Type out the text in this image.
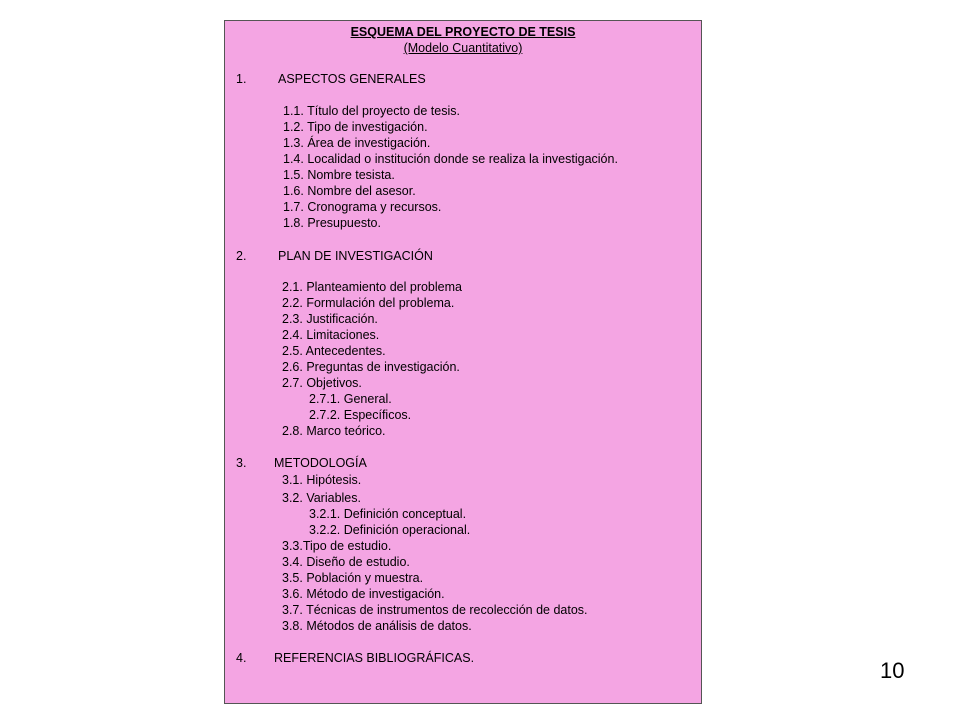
ESQUEMA DEL PROYECTO DE TESIS
(Modelo Cuantitativo)
1.	ASPECTOS GENERALES
1.1. Título del proyecto de tesis.
1.2. Tipo de investigación.
1.3. Área de investigación.
1.4. Localidad o institución donde se realiza la investigación.
1.5. Nombre tesista.
1.6. Nombre del asesor.
1.7. Cronograma y recursos.
1.8. Presupuesto.
2.	PLAN DE INVESTIGACIÓN
2.1. Planteamiento del problema
2.2. Formulación del problema.
2.3. Justificación.
2.4. Limitaciones.
2.5. Antecedentes.
2.6. Preguntas de investigación.
2.7. Objetivos.
2.7.1. General.
2.7.2. Específicos.
2.8. Marco teórico.
3. METODOLOGÍA
3.1. Hipótesis.
3.2. Variables.
3.2.1. Definición conceptual.
3.2.2. Definición operacional.
3.3.Tipo de estudio.
3.4. Diseño de estudio.
3.5. Población y muestra.
3.6. Método de investigación.
3.7. Técnicas de instrumentos de recolección de datos.
3.8. Métodos de análisis de datos.
4. REFERENCIAS BIBLIOGRÁFICAS.	10
